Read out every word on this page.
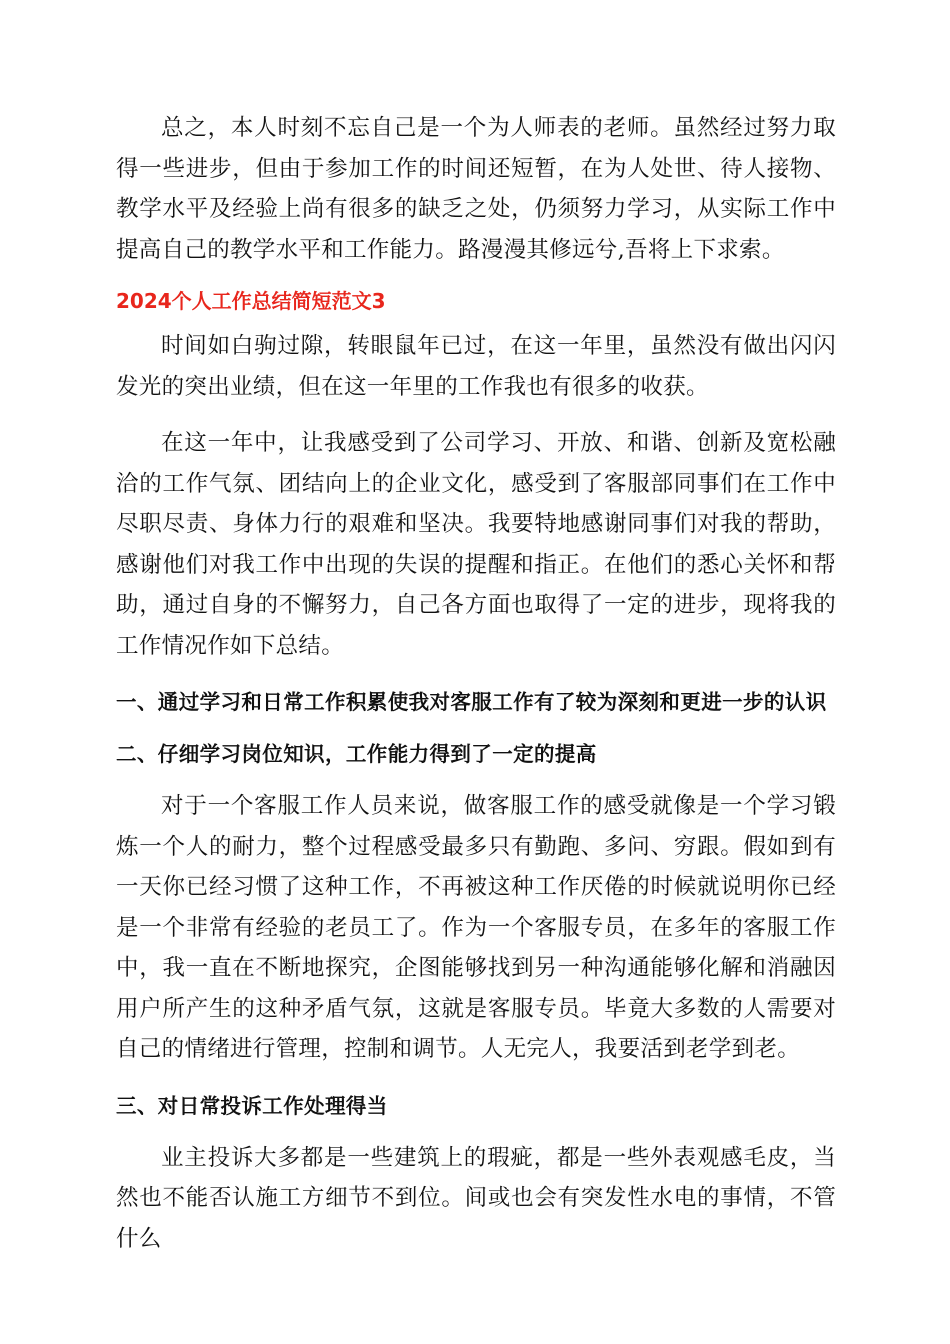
总之，本人时刻不忘自己是一个为人师表的老师。虽然经过努力取得一些进步，但由于参加工作的时间还短暂，在为人处世、待人接物、教学水平及经验上尚有很多的缺乏之处，仍须努力学习，从实际工作中提高自己的教学水平和工作能力。路漫漫其修远兮,吾将上下求索。

2024个人工作总结简短范文3

时间如白驹过隙，转眼鼠年已过，在这一年里，虽然没有做出闪闪发光的突出业绩，但在这一年里的工作我也有很多的收获。

在这一年中，让我感受到了公司学习、开放、和谐、创新及宽松融洽的工作气氛、团结向上的企业文化，感受到了客服部同事们在工作中尽职尽责、身体力行的艰难和坚决。我要特地感谢同事们对我的帮助，感谢他们对我工作中出现的失误的提醒和指正。在他们的悉心关怀和帮助，通过自身的不懈努力，自己各方面也取得了一定的进步，现将我的工作情况作如下总结。

一、通过学习和日常工作积累使我对客服工作有了较为深刻和更进一步的认识
二、仔细学习岗位知识，工作能力得到了一定的提高

对于一个客服工作人员来说，做客服工作的感受就像是一个学习锻炼一个人的耐力，整个过程感受最多只有勤跑、多问、穷跟。假如到有一天你已经习惯了这种工作，不再被这种工作厌倦的时候就说明你已经是一个非常有经验的老员工了。作为一个客服专员，在多年的客服工作中，我一直在不断地探究，企图能够找到另一种沟通能够化解和消融因用户所产生的这种矛盾气氛，这就是客服专员。毕竟大多数的人需要对自己的情绪进行管理，控制和调节。人无完人，我要活到老学到老。

三、对日常投诉工作处理得当

业主投诉大多都是一些建筑上的瑕疵，都是一些外表观感毛皮，当然也不能否认施工方细节不到位。间或也会有突发性水电的事情，不管什么
